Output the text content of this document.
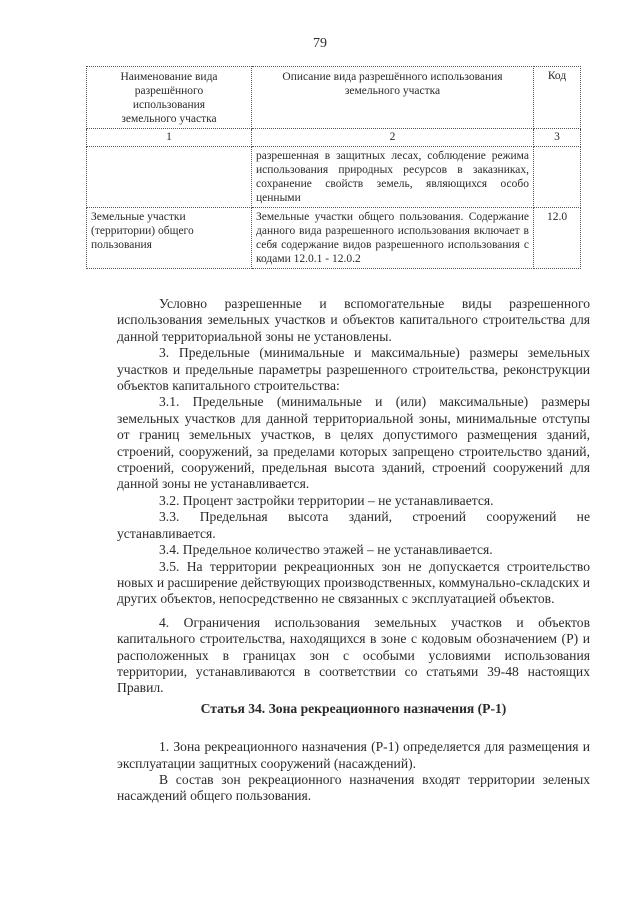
79
Наименование вида разрешённого использования земельного участка	Описание вида разрешённого использования земельного участка	Код
1	2	3
	разрешенная в защитных лесах, соблюдение режима использования природных ресурсов в заказниках, сохранение свойств земель, являющихся особо ценными	
Земельные участки (территории) общего пользования	Земельные участки общего пользования. Содержание данного вида разрешенного использования включает в себя содержание видов разрешенного использования с кодами 12.0.1 - 12.0.2	12.0

Условно разрешенные и вспомогательные виды разрешенного использования земельных участков и объектов капитального строительства для данной территориальной зоны не установлены.

3. Предельные (минимальные и максимальные) размеры земельных участков и предельные параметры разрешенного строительства, реконструкции объектов капитального строительства:

3.1. Предельные (минимальные и (или) максимальные) размеры земельных участков для данной территориальной зоны, минимальные отступы от границ земельных участков, в целях допустимого размещения зданий, строений, сооружений, за пределами которых запрещено строительство зданий, строений, сооружений, предельная высота зданий, строений сооружений для данной зоны не устанавливается.

3.2. Процент застройки территории – не устанавливается.

3.3. Предельная высота зданий, строений сооружений не устанавливается.

3.4. Предельное количество этажей – не устанавливается.

3.5. На территории рекреационных зон не допускается строительство новых и расширение действующих производственных, коммунально-складских и других объектов, непосредственно не связанных с эксплуатацией объектов.

4. Ограничения использования земельных участков и объектов капитального строительства, находящихся в зоне с кодовым обозначением (Р) и расположенных в границах зон с особыми условиями использования территории, устанавливаются в соответствии со статьями 39-48 настоящих Правил.

Статья 34. Зона рекреационного назначения (Р-1)

1. Зона рекреационного назначения (Р-1) определяется для размещения и эксплуатации защитных сооружений (насаждений).

В состав зон рекреационного назначения входят территории зеленых насаждений общего пользования.
